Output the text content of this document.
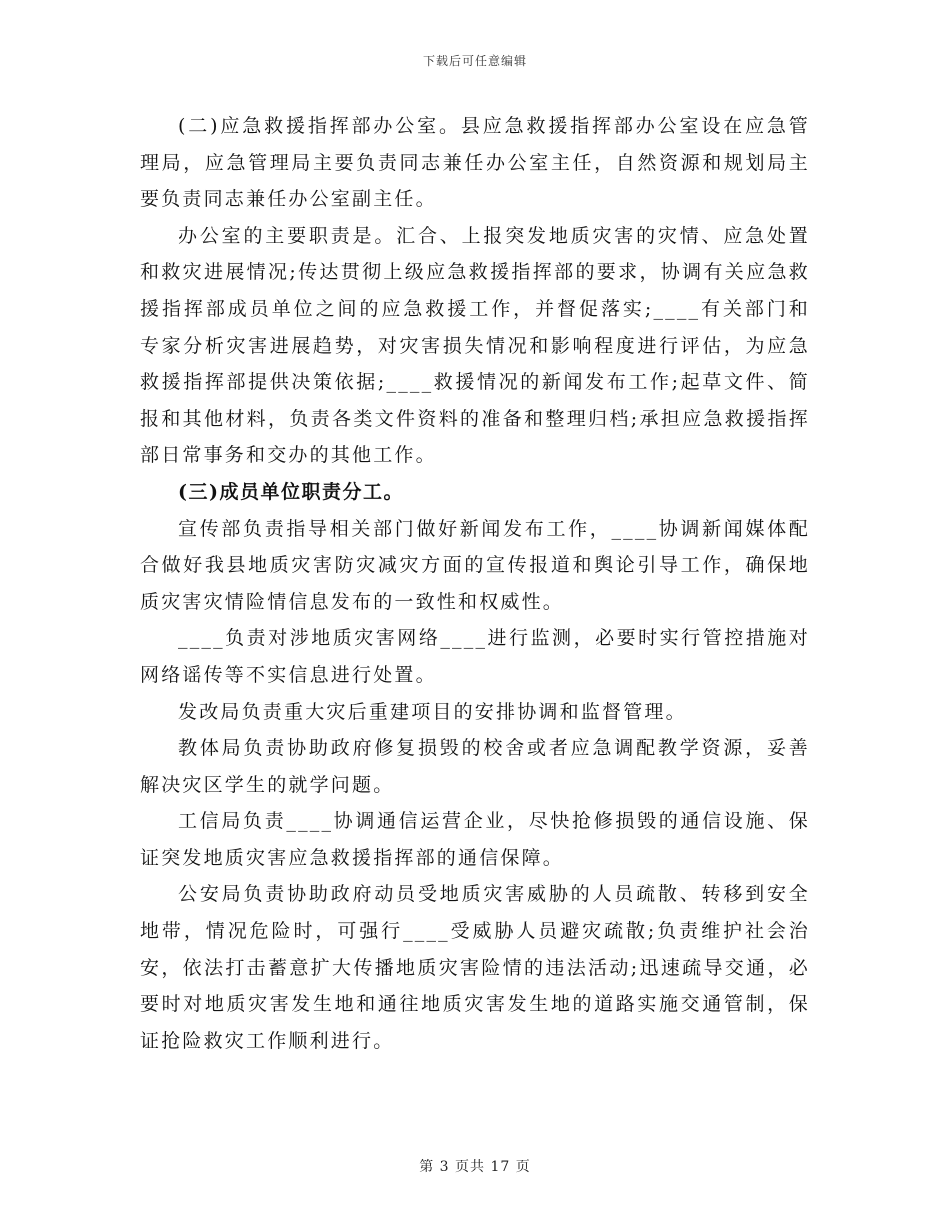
下载后可任意编辑

(二)应急救援指挥部办公室。县应急救援指挥部办公室设在应急管理局，应急管理局主要负责同志兼任办公室主任，自然资源和规划局主要负责同志兼任办公室副主任。

办公室的主要职责是。汇合、上报突发地质灾害的灾情、应急处置和救灾进展情况;传达贯彻上级应急救援指挥部的要求，协调有关应急救援指挥部成员单位之间的应急救援工作，并督促落实;____有关部门和专家分析灾害进展趋势，对灾害损失情况和影响程度进行评估，为应急救援指挥部提供决策依据;____救援情况的新闻发布工作;起草文件、简报和其他材料，负责各类文件资料的准备和整理归档;承担应急救援指挥部日常事务和交办的其他工作。

(三)成员单位职责分工。

宣传部负责指导相关部门做好新闻发布工作，____协调新闻媒体配合做好我县地质灾害防灾减灾方面的宣传报道和舆论引导工作，确保地质灾害灾情险情信息发布的一致性和权威性。

____负责对涉地质灾害网络____进行监测，必要时实行管控措施对网络谣传等不实信息进行处置。

发改局负责重大灾后重建项目的安排协调和监督管理。

教体局负责协助政府修复损毁的校舍或者应急调配教学资源，妥善解决灾区学生的就学问题。

工信局负责____协调通信运营企业，尽快抢修损毁的通信设施、保证突发地质灾害应急救援指挥部的通信保障。

公安局负责协助政府动员受地质灾害威胁的人员疏散、转移到安全地带，情况危险时，可强行____受威胁人员避灾疏散;负责维护社会治安，依法打击蓄意扩大传播地质灾害险情的违法活动;迅速疏导交通，必要时对地质灾害发生地和通往地质灾害发生地的道路实施交通管制，保证抢险救灾工作顺利进行。

第 3 页共 17 页
